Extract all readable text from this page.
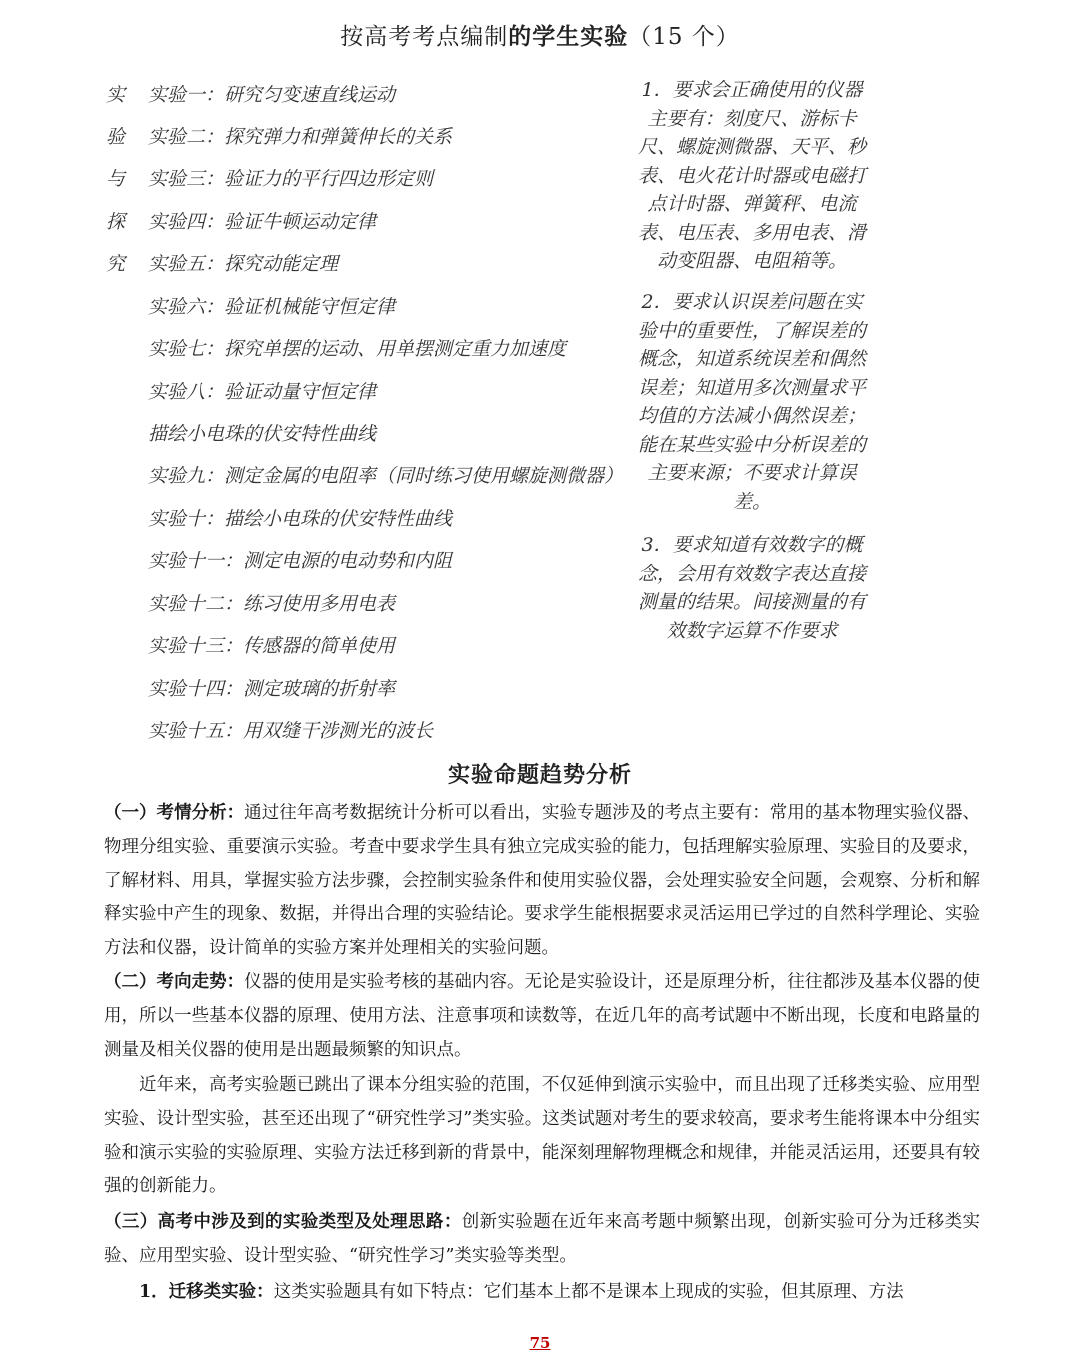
按高考考点编制的学生实验（15 个）
实
验
与
探
究
实验一：研究匀变速直线运动
实验二：探究弹力和弹簧伸长的关系
实验三：验证力的平行四边形定则
实验四：验证牛顿运动定律
实验五：探究动能定理
实验六：验证机械能守恒定律
实验七：探究单摆的运动、用单摆测定重力加速度
实验八：验证动量守恒定律
描绘小电珠的伏安特性曲线
实验九：测定金属的电阻率（同时练习使用螺旋测微器）
实验十：描绘小电珠的伏安特性曲线
实验十一：测定电源的电动势和内阻
实验十二：练习使用多用电表
实验十三：传感器的简单使用
实验十四：测定玻璃的折射率
实验十五：用双缝干涉测光的波长
1．要求会正确使用的仪器主要有：刻度尺、游标卡尺、螺旋测微器、天平、秒表、电火花计时器或电磁打点计时器、弹簧秤、电流表、电压表、多用电表、滑动变阻器、电阻箱等。
2．要求认识误差问题在实验中的重要性，了解误差的概念，知道系统误差和偶然误差；知道用多次测量求平均值的方法减小偶然误差；能在某些实验中分析误差的主要来源；不要求计算误差。
3．要求知道有效数字的概念，会用有效数字表达直接测量的结果。间接测量的有效数字运算不作要求
实验命题趋势分析
（一）考情分析：通过往年高考数据统计分析可以看出，实验专题涉及的考点主要有：常用的基本物理实验仪器、物理分组实验、重要演示实验。考查中要求学生具有独立完成实验的能力，包括理解实验原理、实验目的及要求，了解材料、用具，掌握实验方法步骤，会控制实验条件和使用实验仪器，会处理实验安全问题，会观察、分析和解释实验中产生的现象、数据，并得出合理的实验结论。要求学生能根据要求灵活运用已学过的自然科学理论、实验方法和仪器，设计简单的实验方案并处理相关的实验问题。
（二）考向走势：仪器的使用是实验考核的基础内容。无论是实验设计，还是原理分析，往往都涉及基本仪器的使用，所以一些基本仪器的原理、使用方法、注意事项和读数等，在近几年的高考试题中不断出现，长度和电路量的测量及相关仪器的使用是出题最频繁的知识点。
近年来，高考实验题已跳出了课本分组实验的范围，不仅延伸到演示实验中，而且出现了迁移类实验、应用型实验、设计型实验，甚至还出现了“研究性学习”类实验。这类试题对考生的要求较高，要求考生能将课本中分组实验和演示实验的实验原理、实验方法迁移到新的背景中，能深刻理解物理概念和规律，并能灵活运用，还要具有较强的创新能力。
（三）高考中涉及到的实验类型及处理思路：创新实验题在近年来高考题中频繁出现，创新实验可分为迁移类实验、应用型实验、设计型实验、“研究性学习”类实验等类型。
1．迁移类实验：这类实验题具有如下特点：它们基本上都不是课本上现成的实验，但其原理、方法
75
